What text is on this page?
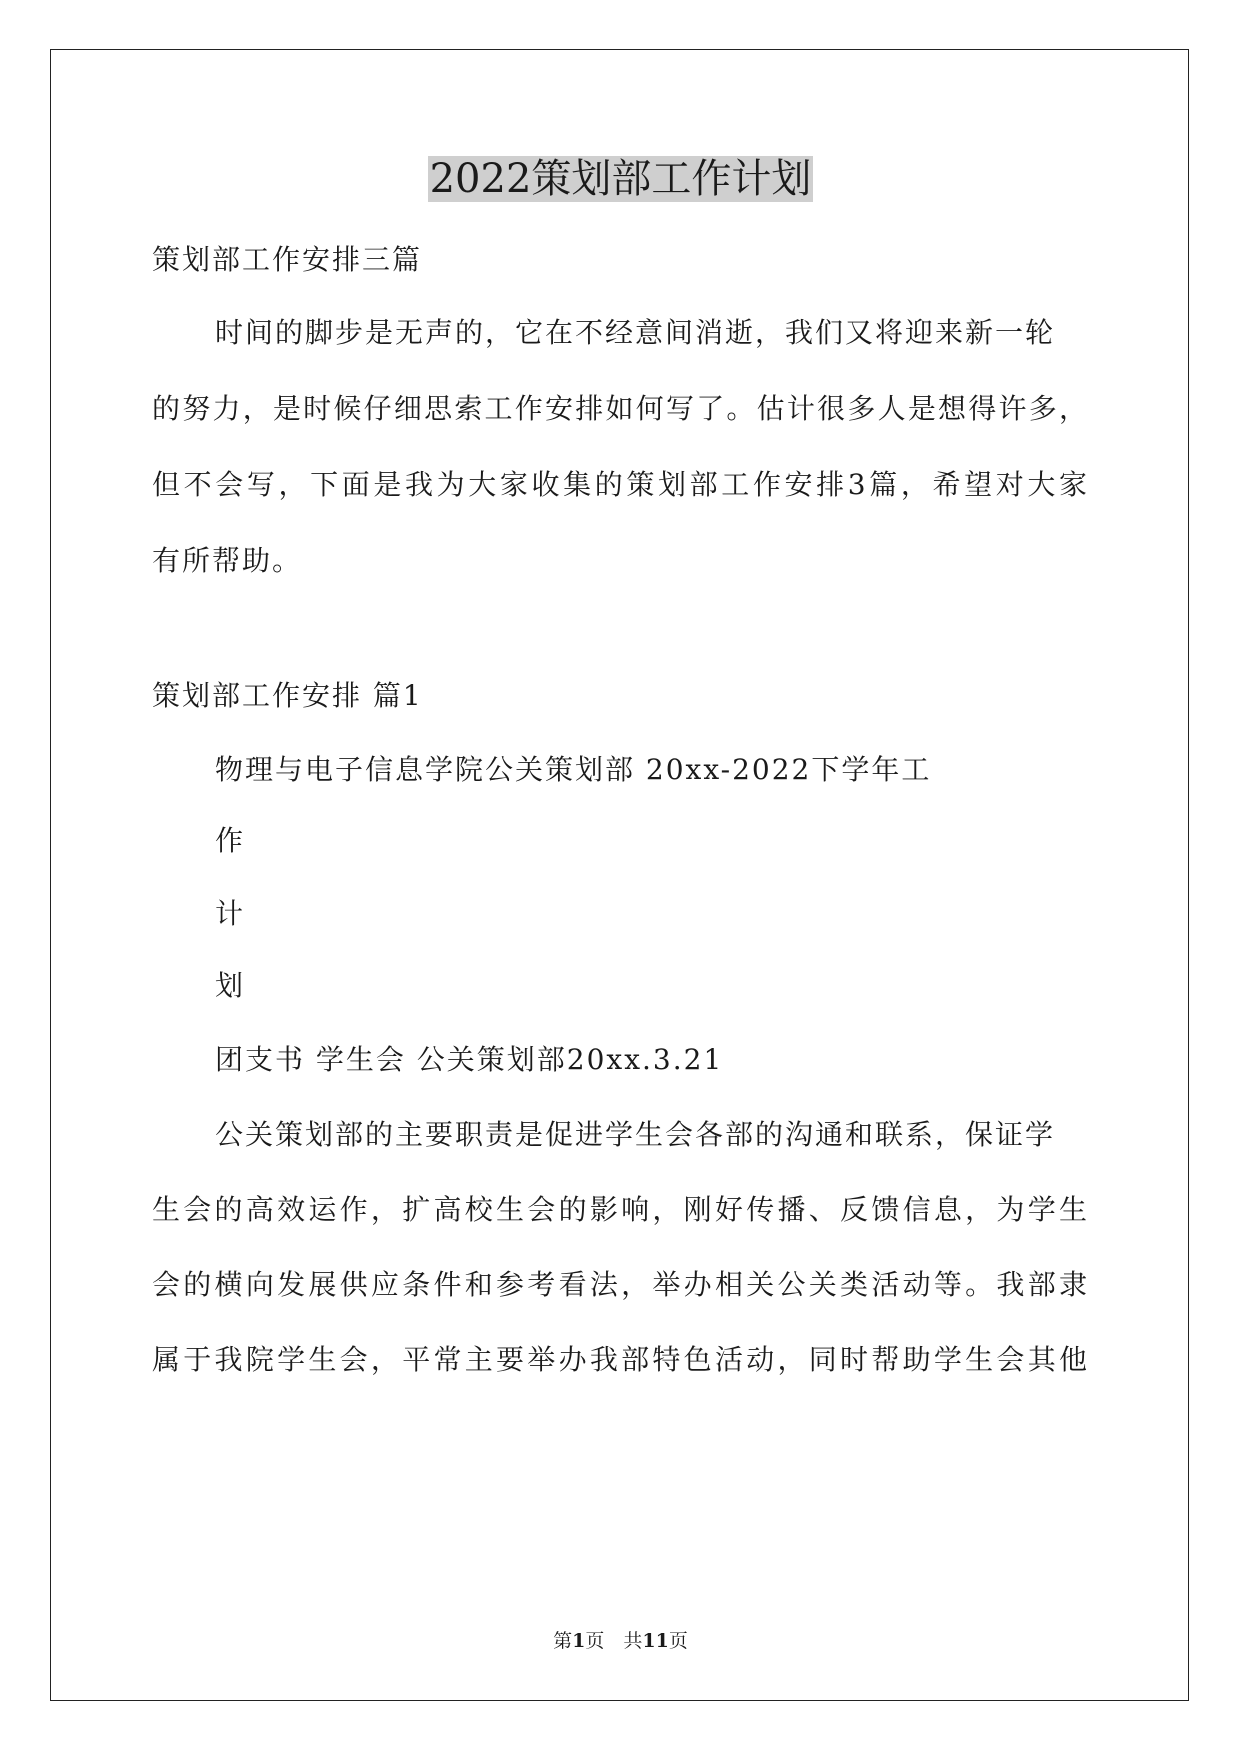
2022策划部工作计划
策划部工作安排三篇
时间的脚步是无声的，它在不经意间消逝，我们又将迎来新一轮
的努力，是时候仔细思索工作安排如何写了。估计很多人是想得许多，
但不会写，下面是我为大家收集的策划部工作安排3篇，希望对大家
有所帮助。
策划部工作安排 篇1
物理与电子信息学院公关策划部 20xx-2022下学年工
作
计
划
团支书 学生会 公关策划部20xx.3.21
公关策划部的主要职责是促进学生会各部的沟通和联系，保证学
生会的高效运作，扩高校生会的影响，刚好传播、反馈信息，为学生
会的横向发展供应条件和参考看法，举办相关公关类活动等。我部隶
属于我院学生会，平常主要举办我部特色活动，同时帮助学生会其他
第1页　共11页
